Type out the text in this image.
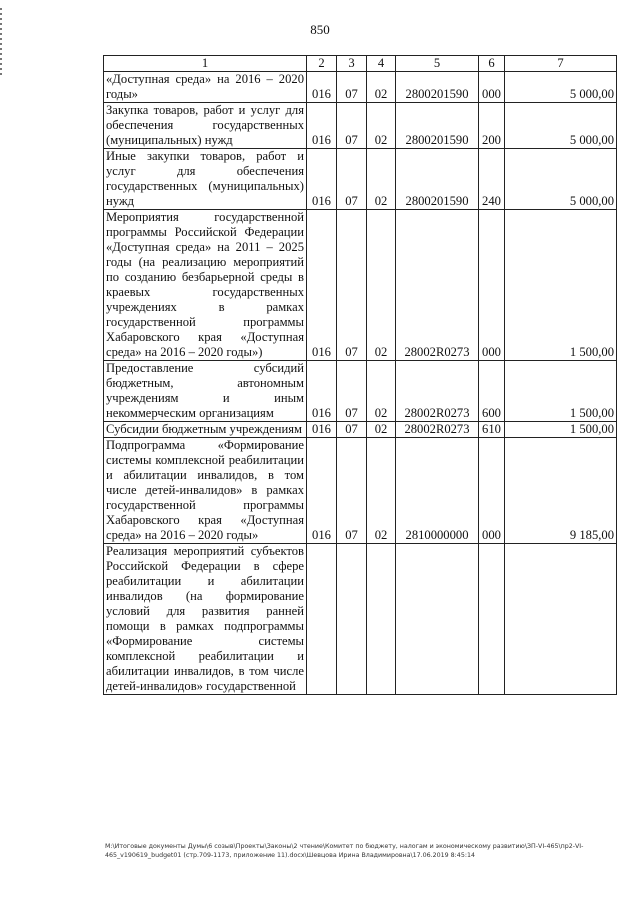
850
1	2	3	4	5	6	7
«Доступная среда» на 2016 – 2020 годы»	016	07	02	2800201590	000	5 000,00
Закупка товаров, работ и услуг для обеспечения государственных (муниципальных) нужд	016	07	02	2800201590	200	5 000,00
Иные закупки товаров, работ и услуг для обеспечения государственных (муниципальных) нужд	016	07	02	2800201590	240	5 000,00
Мероприятия государственной программы Российской Федерации «Доступная среда» на 2011 – 2025 годы (на реализацию мероприятий по созданию безбарьерной среды в краевых государственных учреждениях в рамках государственной программы Хабаровского края «Доступная среда» на 2016 – 2020 годы»)	016	07	02	28002R0273	000	1 500,00
Предоставление субсидий бюджетным, автономным учреждениям и иным некоммерческим организациям	016	07	02	28002R0273	600	1 500,00
Субсидии бюджетным учреждениям	016	07	02	28002R0273	610	1 500,00
Подпрограмма «Формирование системы комплексной реабилитации и абилитации инвалидов, в том числе детей-инвалидов» в рамках государственной программы Хабаровского края «Доступная среда» на 2016 – 2020 годы»	016	07	02	2810000000	000	9 185,00
Реализация мероприятий субъектов Российской Федерации в сфере реабилитации и абилитации инвалидов (на формирование условий для развития ранней помощи в рамках подпрограммы «Формирование системы комплексной реабилитации и абилитации инвалидов, в том числе детей-инвалидов» государственной						
M:\Итоговые документы Думы\6 созыв\Проекты\Законы\2 чтение\Комитет по бюджету, налогам и экономическому развитию\ЗП-VI-465\пр2-VI-465_v190619_budget01 (стр.709-1173, приложение 11).docx\Шевцова Ирина Владимировна\17.06.2019 8:45:14
